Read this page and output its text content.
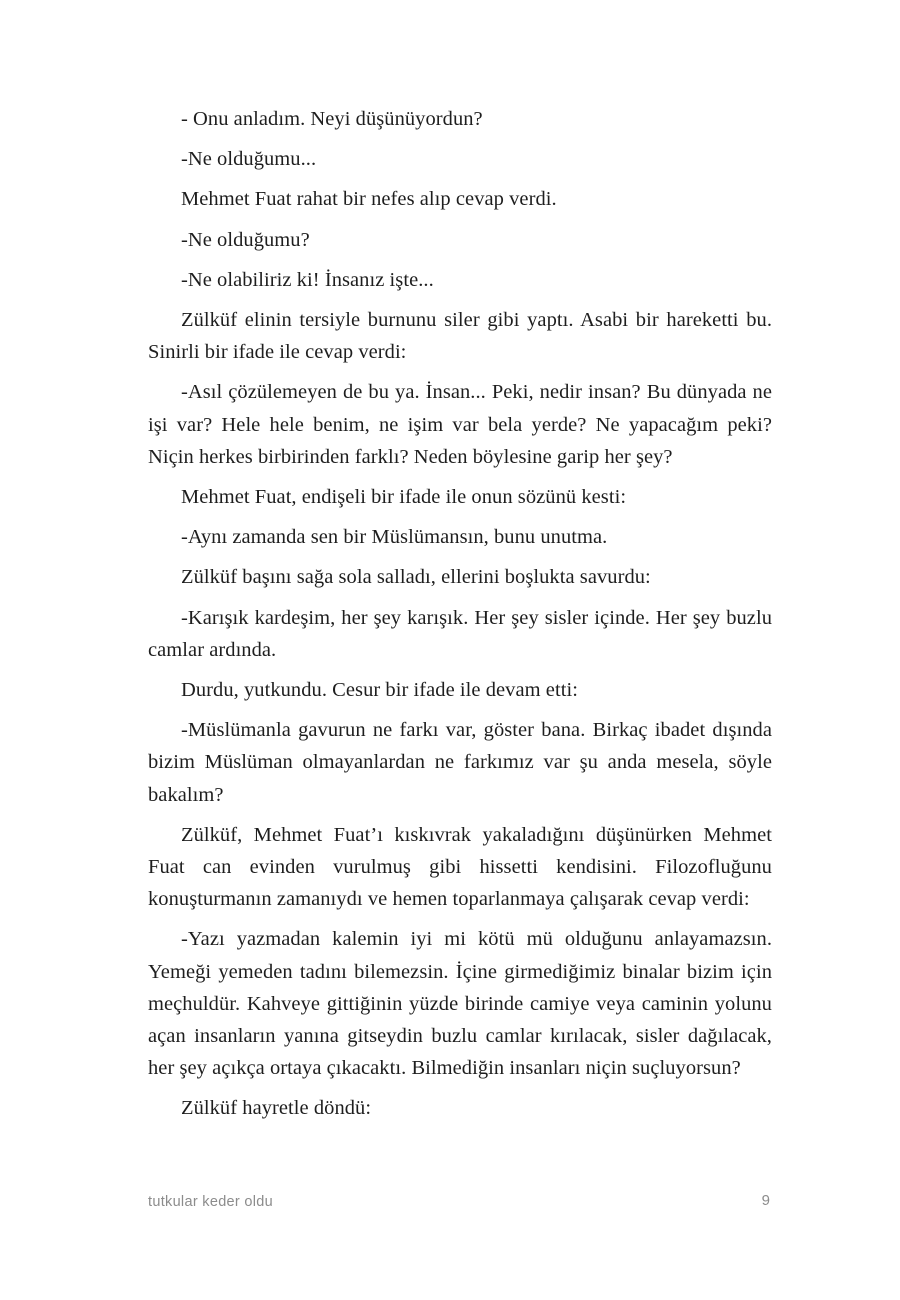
- Onu anladım. Neyi düşünüyordun?

-Ne olduğumu...

Mehmet Fuat rahat bir nefes alıp cevap verdi.

-Ne olduğumu?

-Ne olabiliriz ki! İnsanız işte...

Zülküf elinin tersiyle burnunu siler gibi yaptı. Asabi bir hareketti bu. Sinirli bir ifade ile cevap verdi:

-Asıl çözülemeyen de bu ya. İnsan... Peki, nedir insan? Bu dünyada ne işi var? Hele hele benim, ne işim var bela yerde? Ne yapacağım peki? Niçin herkes birbirinden farklı? Neden böylesine garip her şey?

Mehmet Fuat, endişeli bir ifade ile onun sözünü kesti:

-Aynı zamanda sen bir Müslümansın, bunu unutma.

Zülküf başını sağa sola salladı, ellerini boşlukta savurdu:

-Karışık kardeşim, her şey karışık. Her şey sisler içinde. Her şey buzlu camlar ardında.

Durdu, yutkundu. Cesur bir ifade ile devam etti:

-Müslümanla gavurun ne farkı var, göster bana. Birkaç ibadet dışında bizim Müslüman olmayanlardan ne farkımız var şu anda mesela, söyle bakalım?

Zülküf, Mehmet Fuat’ı kıskıvrak yakaladığını düşünürken Mehmet Fuat can evinden vurulmuş gibi hissetti kendisini. Filozofluğunu konuşturmanın zamanıydı ve hemen toparlanmaya çalışarak cevap verdi:

-Yazı yazmadan kalemin iyi mi kötü mü olduğunu anlayamazsın. Yemeği yemeden tadını bilemezsin. İçine girmediğimiz binalar bizim için meçhuldür. Kahveye gittiğinin yüzde birinde camiye veya caminin yolunu açan insanların yanına gitseydin buzlu camlar kırılacak, sisler dağılacak, her şey açıkça ortaya çıkacaktı. Bilmediğin insanları niçin suçluyorsun?

Zülküf hayretle döndü:

tutkular keder oldu	9
